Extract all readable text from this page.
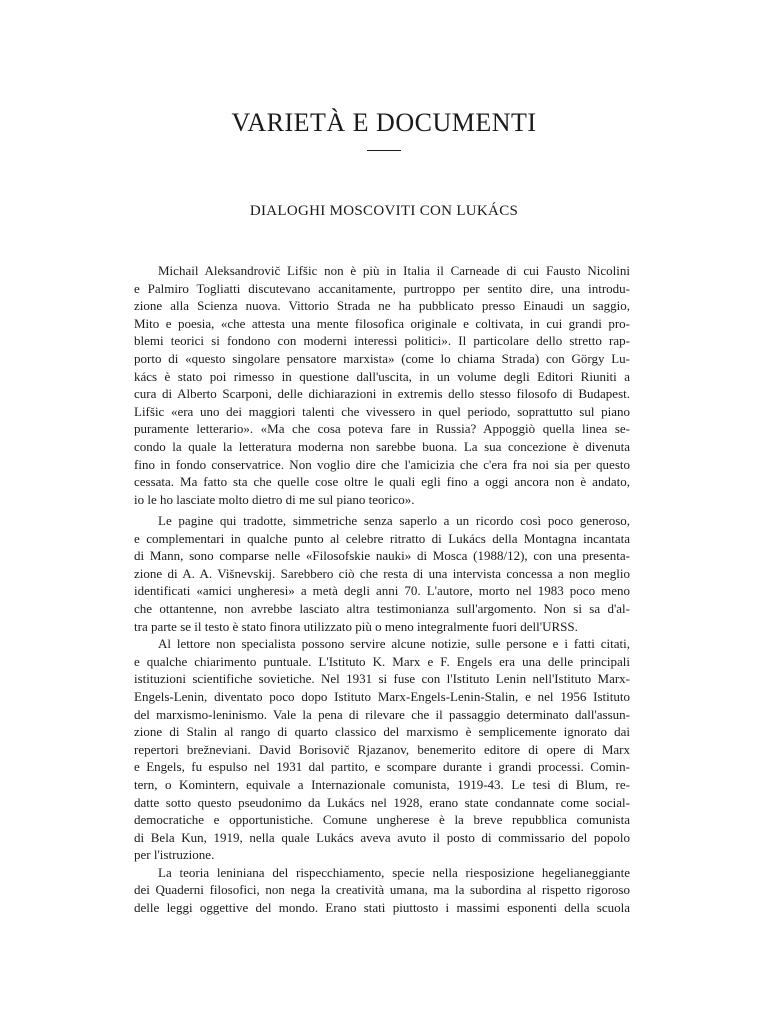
VARIETÀ E DOCUMENTI
DIALOGHI MOSCOVITI CON LUKÁCS
Michail Aleksandrovič Lifšic non è più in Italia il Carneade di cui Fausto Nicolini
e Palmiro Togliatti discutevano accanitamente, purtroppo per sentito dire, una introdu-
zione alla Scienza nuova. Vittorio Strada ne ha pubblicato presso Einaudi un saggio,
Mito e poesia, «che attesta una mente filosofica originale e coltivata, in cui grandi pro-
blemi teorici si fondono con moderni interessi politici». Il particolare dello stretto rap-
porto di «questo singolare pensatore marxista» (come lo chiama Strada) con Görgy Lu-
kács è stato poi rimesso in questione dall'uscita, in un volume degli Editori Riuniti a
cura di Alberto Scarponi, delle dichiarazioni in extremis dello stesso filosofo di Budapest.
Lifšic «era uno dei maggiori talenti che vivessero in quel periodo, soprattutto sul piano
puramente letterario». «Ma che cosa poteva fare in Russia? Appoggiò quella linea se-
condo la quale la letteratura moderna non sarebbe buona. La sua concezione è divenuta
fino in fondo conservatrice. Non voglio dire che l'amicizia che c'era fra noi sia per questo
cessata. Ma fatto sta che quelle cose oltre le quali egli fino a oggi ancora non è andato,
io le ho lasciate molto dietro di me sul piano teorico».
Le pagine qui tradotte, simmetriche senza saperlo a un ricordo così poco generoso,
e complementari in qualche punto al celebre ritratto di Lukács della Montagna incantata
di Mann, sono comparse nelle «Filosofskie nauki» di Mosca (1988/12), con una presenta-
zione di A. A. Višnevskij. Sarebbero ciò che resta di una intervista concessa a non meglio
identificati «amici ungheresi» a metà degli anni 70. L'autore, morto nel 1983 poco meno
che ottantenne, non avrebbe lasciato altra testimonianza sull'argomento. Non si sa d'al-
tra parte se il testo è stato finora utilizzato più o meno integralmente fuori dell'URSS.
Al lettore non specialista possono servire alcune notizie, sulle persone e i fatti citati,
e qualche chiarimento puntuale. L'Istituto K. Marx e F. Engels era una delle principali
istituzioni scientifiche sovietiche. Nel 1931 si fuse con l'Istituto Lenin nell'Istituto Marx-
Engels-Lenin, diventato poco dopo Istituto Marx-Engels-Lenin-Stalin, e nel 1956 Istituto
del marxismo-leninismo. Vale la pena di rilevare che il passaggio determinato dall'assun-
zione di Stalin al rango di quarto classico del marxismo è semplicemente ignorato dai
repertori brežneviani. David Borisovič Rjazanov, benemerito editore di opere di Marx
e Engels, fu espulso nel 1931 dal partito, e scompare durante i grandi processi. Comin-
tern, o Komintern, equivale a Internazionale comunista, 1919-43. Le tesi di Blum, re-
datte sotto questo pseudonimo da Lukács nel 1928, erano state condannate come social-
democratiche e opportunistiche. Comune ungherese è la breve repubblica comunista
di Bela Kun, 1919, nella quale Lukács aveva avuto il posto di commissario del popolo
per l'istruzione.
La teoria leniniana del rispecchiamento, specie nella riesposizione hegelianeggiante
dei Quaderni filosofici, non nega la creatività umana, ma la subordina al rispetto rigoroso
delle leggi oggettive del mondo. Erano stati piuttosto i massimi esponenti della scuola
